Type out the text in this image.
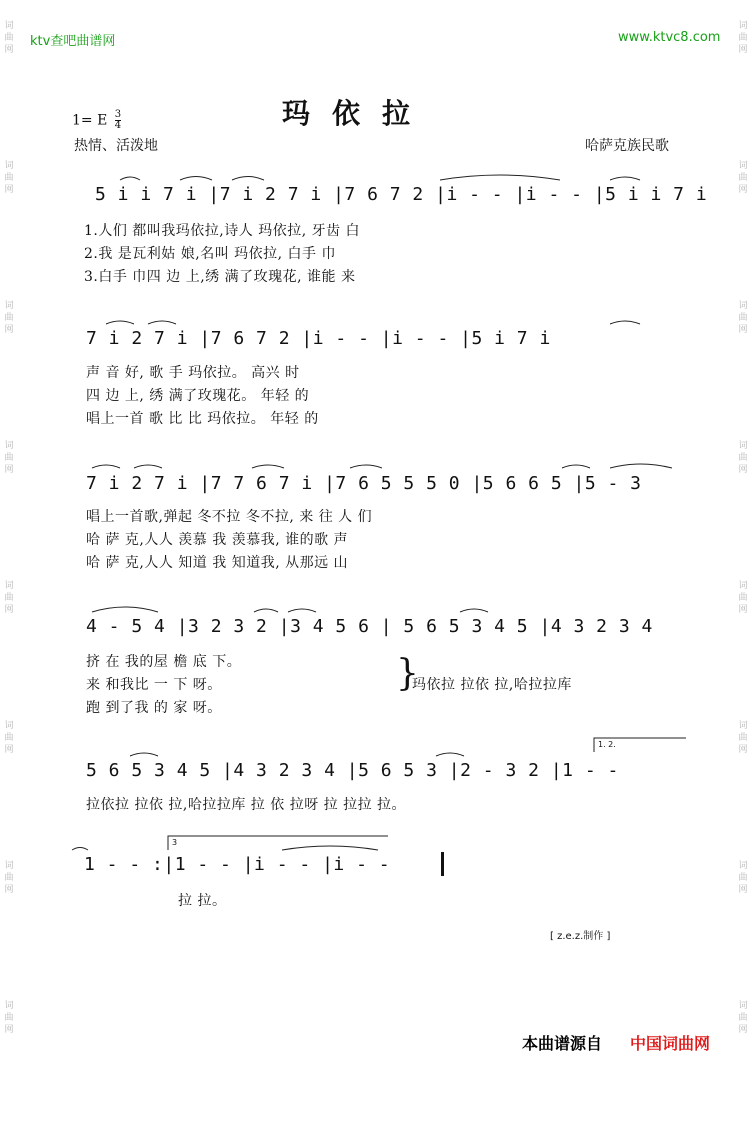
ktv查吧曲谱网	www.ktvc8.com
词
曲
网
词
曲
网
词
曲
网
词
曲
网
词
曲
网
词
曲
网
词
曲
网
词
曲
网
词
曲
网
词
曲
网
词
曲
网
词
曲
网
词
曲
网
词
曲
网
词
曲
网
词
曲
网
1= E $\frac{3}{4}$	玛依拉
热情、活泼地	哈萨克族民歌
5 i i 7 i |7 i 2 7 i |7 6 7 2 |i - - |i - - |5 i i 7 i
1.人们 都叫我玛依拉,诗人 玛依拉, 牙齿 白
2.我 是瓦利姑 娘,名叫 玛依拉, 白手 巾
3.白手 巾四 边 上,绣 满了玫瑰花, 谁能 来
7 i 2 7 i |7 6 7 2 |i - - |i - - |5 i 7 i
声 音 好, 歌 手 玛依拉。 高兴 时
四 边 上, 绣 满了玫瑰花。 年轻 的
唱上一首 歌 比 比 玛依拉。 年轻 的
7 i 2 7 i |7 7 6 7 i |7 6 5 5 5 0 |5 6 6 5 |5 - 3
唱上一首歌,弹起 冬不拉 冬不拉, 来 往 人 们
哈 萨 克,人人 羡慕 我 羡慕我, 谁的歌 声
哈 萨 克,人人 知道 我 知道我, 从那远 山
4 - 5 4 |3 2 3 2 |3 4 5 6 | 5 6 5 3 4 5 |4 3 2 3 4
挤 在 我的屋 檐 底 下。
来 和我比 一 下 呀。
跑 到了我 的 家 呀。
}
玛依拉 拉依 拉,哈拉拉库
1. 2.
5 6 5 3 4 5 |4 3 2 3 4 |5 6 5 3 |2 - 3 2 |1 - -
拉依拉 拉依 拉,哈拉拉库 拉 依 拉呀 拉 拉拉 拉。
3
1 - - :|1 - - |i - - |i - -
拉 拉。
[ z.e.z.制作 ]
本曲谱源自 中国词曲网
